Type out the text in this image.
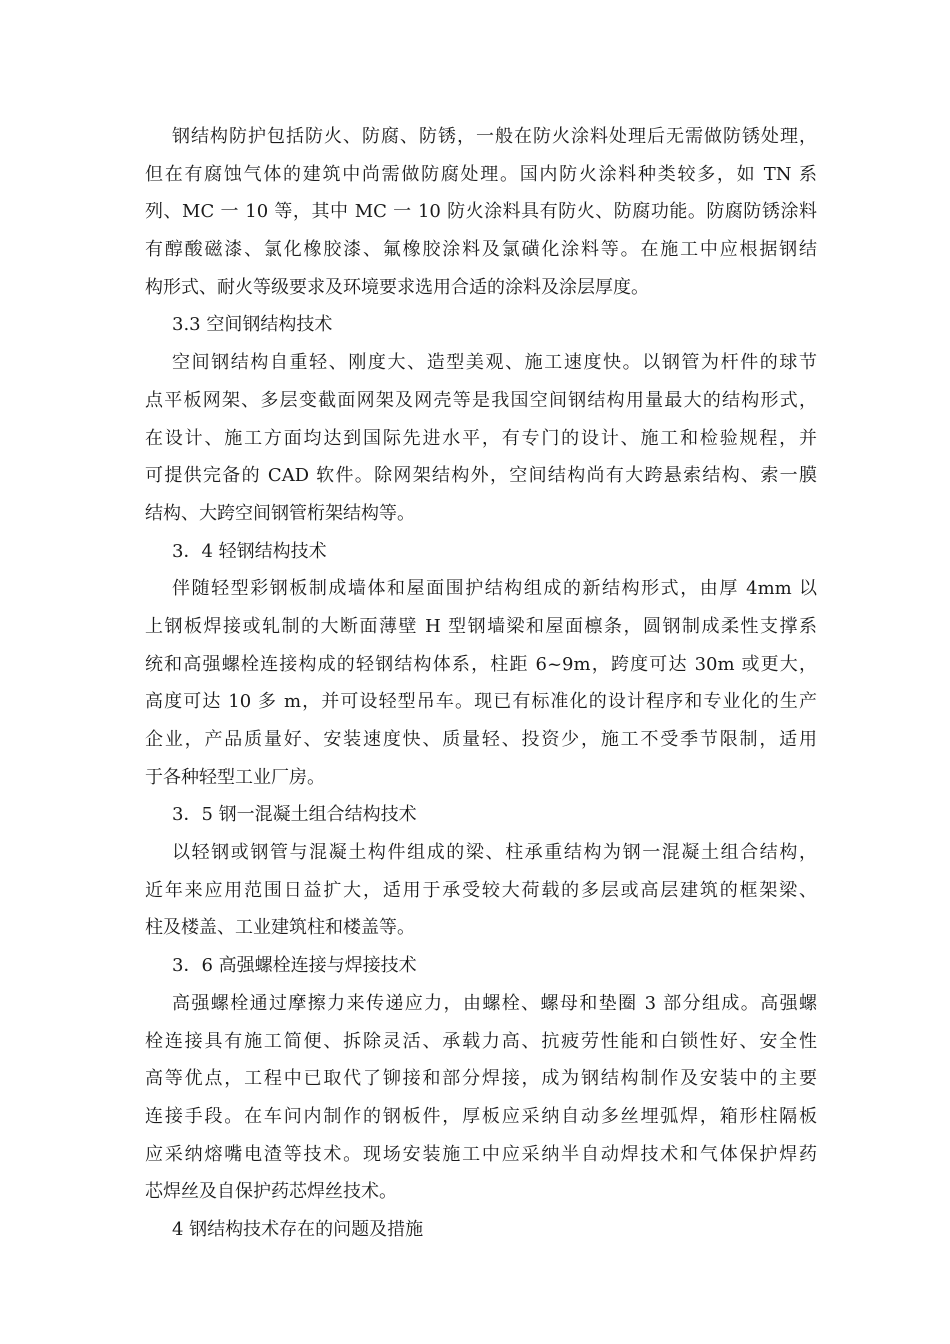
钢结构防护包括防火、防腐、防锈，一般在防火涂料处理后无需做防锈处理，
但在有腐蚀气体的建筑中尚需做防腐处理。国内防火涂料种类较多，如 TN 系
列、MC 一 10 等，其中 MC 一 10 防火涂料具有防火、防腐功能。防腐防锈涂料
有醇酸磁漆、氯化橡胶漆、氟橡胶涂料及氯磺化涂料等。在施工中应根据钢结
构形式、耐火等级要求及环境要求选用合适的涂料及涂层厚度。
3.3 空间钢结构技术
空间钢结构自重轻、刚度大、造型美观、施工速度快。以钢管为杆件的球节
点平板网架、多层变截面网架及网壳等是我国空间钢结构用量最大的结构形式，
在设计、施工方面均达到国际先进水平，有专门的设计、施工和检验规程，并
可提供完备的 CAD 软件。除网架结构外，空间结构尚有大跨悬索结构、索一膜
结构、大跨空间钢管桁架结构等。
3．4 轻钢结构技术
伴随轻型彩钢板制成墙体和屋面围护结构组成的新结构形式，由厚 4mm 以
上钢板焊接或轧制的大断面薄壁 H 型钢墙梁和屋面檩条，圆钢制成柔性支撑系
统和高强螺栓连接构成的轻钢结构体系，柱距 6~9m，跨度可达 30m 或更大，
高度可达 10 多 m，并可设轻型吊车。现已有标准化的设计程序和专业化的生产
企业，产品质量好、安装速度快、质量轻、投资少，施工不受季节限制，适用
于各种轻型工业厂房。
3．5 钢一混凝土组合结构技术
以轻钢或钢管与混凝土构件组成的梁、柱承重结构为钢一混凝土组合结构，
近年来应用范围日益扩大，适用于承受较大荷载的多层或高层建筑的框架梁、
柱及楼盖、工业建筑柱和楼盖等。
3．6 高强螺栓连接与焊接技术
高强螺栓通过摩擦力来传递应力，由螺栓、螺母和垫圈 3 部分组成。高强螺
栓连接具有施工简便、拆除灵活、承载力高、抗疲劳性能和白锁性好、安全性
高等优点，工程中已取代了铆接和部分焊接，成为钢结构制作及安装中的主要
连接手段。在车问内制作的钢板件，厚板应采纳自动多丝埋弧焊，箱形柱隔板
应采纳熔嘴电渣等技术。现场安装施工中应采纳半自动焊技术和气体保护焊药
芯焊丝及自保护药芯焊丝技术。
4 钢结构技术存在的问题及措施
